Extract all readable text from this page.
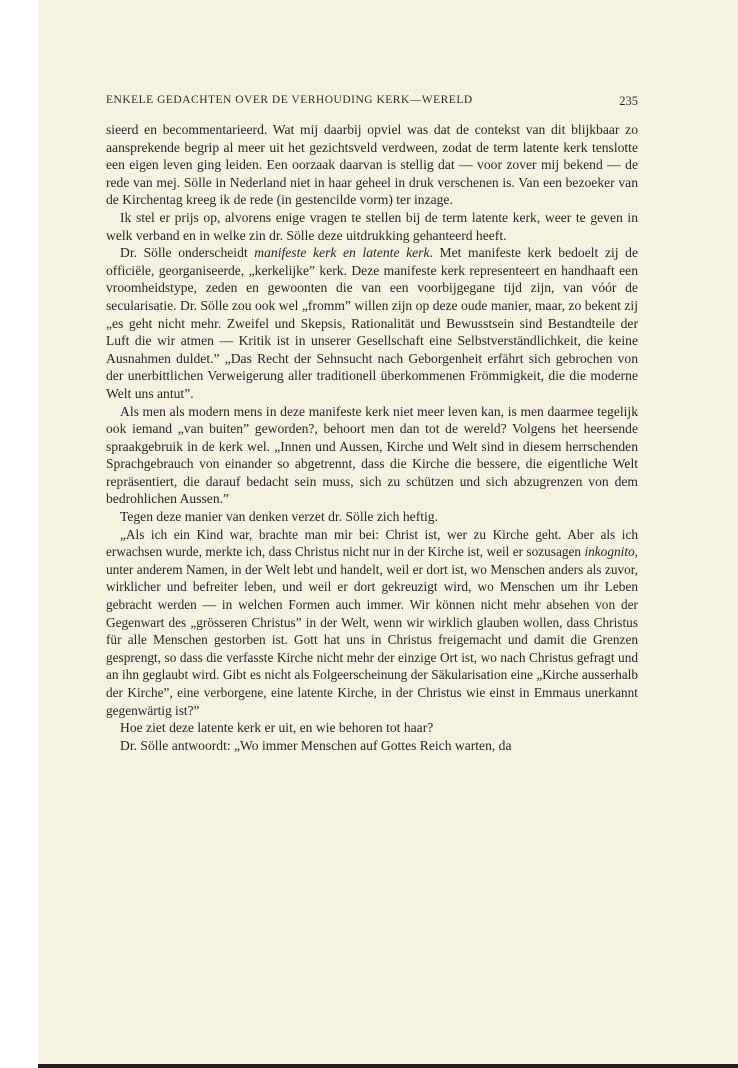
ENKELE GEDACHTEN OVER DE VERHOUDING KERK—WERELD	235

sieerd en becommentarieerd. Wat mij daarbij opviel was dat de contekst van dit blijkbaar zo aansprekende begrip al meer uit het gezichtsveld verdween, zodat de term latente kerk tenslotte een eigen leven ging leiden. Een oorzaak daarvan is stellig dat — voor zover mij bekend — de rede van mej. Sölle in Nederland niet in haar geheel in druk verschenen is. Van een bezoeker van de Kirchentag kreeg ik de rede (in gestencilde vorm) ter inzage.

Ik stel er prijs op, alvorens enige vragen te stellen bij de term latente kerk, weer te geven in welk verband en in welke zin dr. Sölle deze uitdrukking gehanteerd heeft.

Dr. Sölle onderscheidt manifeste kerk en latente kerk. Met manifeste kerk bedoelt zij de officiële, georganiseerde, „kerkelijke” kerk. Deze manifeste kerk representeert en handhaaft een vroomheidstype, zeden en gewoonten die van een voorbijgegane tijd zijn, van vóór de secularisatie. Dr. Sölle zou ook wel „fromm” willen zijn op deze oude manier, maar, zo bekent zij „es geht nicht mehr. Zweifel und Skepsis, Rationalität und Bewusstsein sind Bestandteile der Luft die wir atmen — Kritik ist in unserer Gesellschaft eine Selbstverständlichkeit, die keine Ausnahmen duldet.” „Das Recht der Sehnsucht nach Geborgenheit erfährt sich gebrochen von der unerbittlichen Verweigerung aller traditionell überkommenen Frömmigkeit, die die moderne Welt uns antut”.

Als men als modern mens in deze manifeste kerk niet meer leven kan, is men daarmee tegelijk ook iemand „van buiten” geworden?, behoort men dan tot de wereld? Volgens het heersende spraakgebruik in de kerk wel. „Innen und Aussen, Kirche und Welt sind in diesem herrschenden Sprachgebrauch von einander so abgetrennt, dass die Kirche die bessere, die eigentliche Welt repräsentiert, die darauf bedacht sein muss, sich zu schützen und sich abzugrenzen von dem bedrohlichen Aussen.”

Tegen deze manier van denken verzet dr. Sölle zich heftig.

„Als ich ein Kind war, brachte man mir bei: Christ ist, wer zu Kirche geht. Aber als ich erwachsen wurde, merkte ich, dass Christus nicht nur in der Kirche ist, weil er sozusagen inkognito, unter anderem Namen, in der Welt lebt und handelt, weil er dort ist, wo Menschen anders als zuvor, wirklicher und befreiter leben, und weil er dort gekreuzigt wird, wo Menschen um ihr Leben gebracht werden — in welchen Formen auch immer. Wir können nicht mehr absehen von der Gegenwart des „grösseren Christus” in der Welt, wenn wir wirklich glauben wollen, dass Christus für alle Menschen gestorben ist. Gott hat uns in Christus freigemacht und damit die Grenzen gesprengt, so dass die verfasste Kirche nicht mehr der einzige Ort ist, wo nach Christus gefragt und an ihn geglaubt wird. Gibt es nicht als Folgeerscheinung der Säkularisation eine „Kirche ausserhalb der Kirche”, eine verborgene, eine latente Kirche, in der Christus wie einst in Emmaus unerkannt gegenwärtig ist?”

Hoe ziet deze latente kerk er uit, en wie behoren tot haar?

Dr. Sölle antwoordt: „Wo immer Menschen auf Gottes Reich warten, da
